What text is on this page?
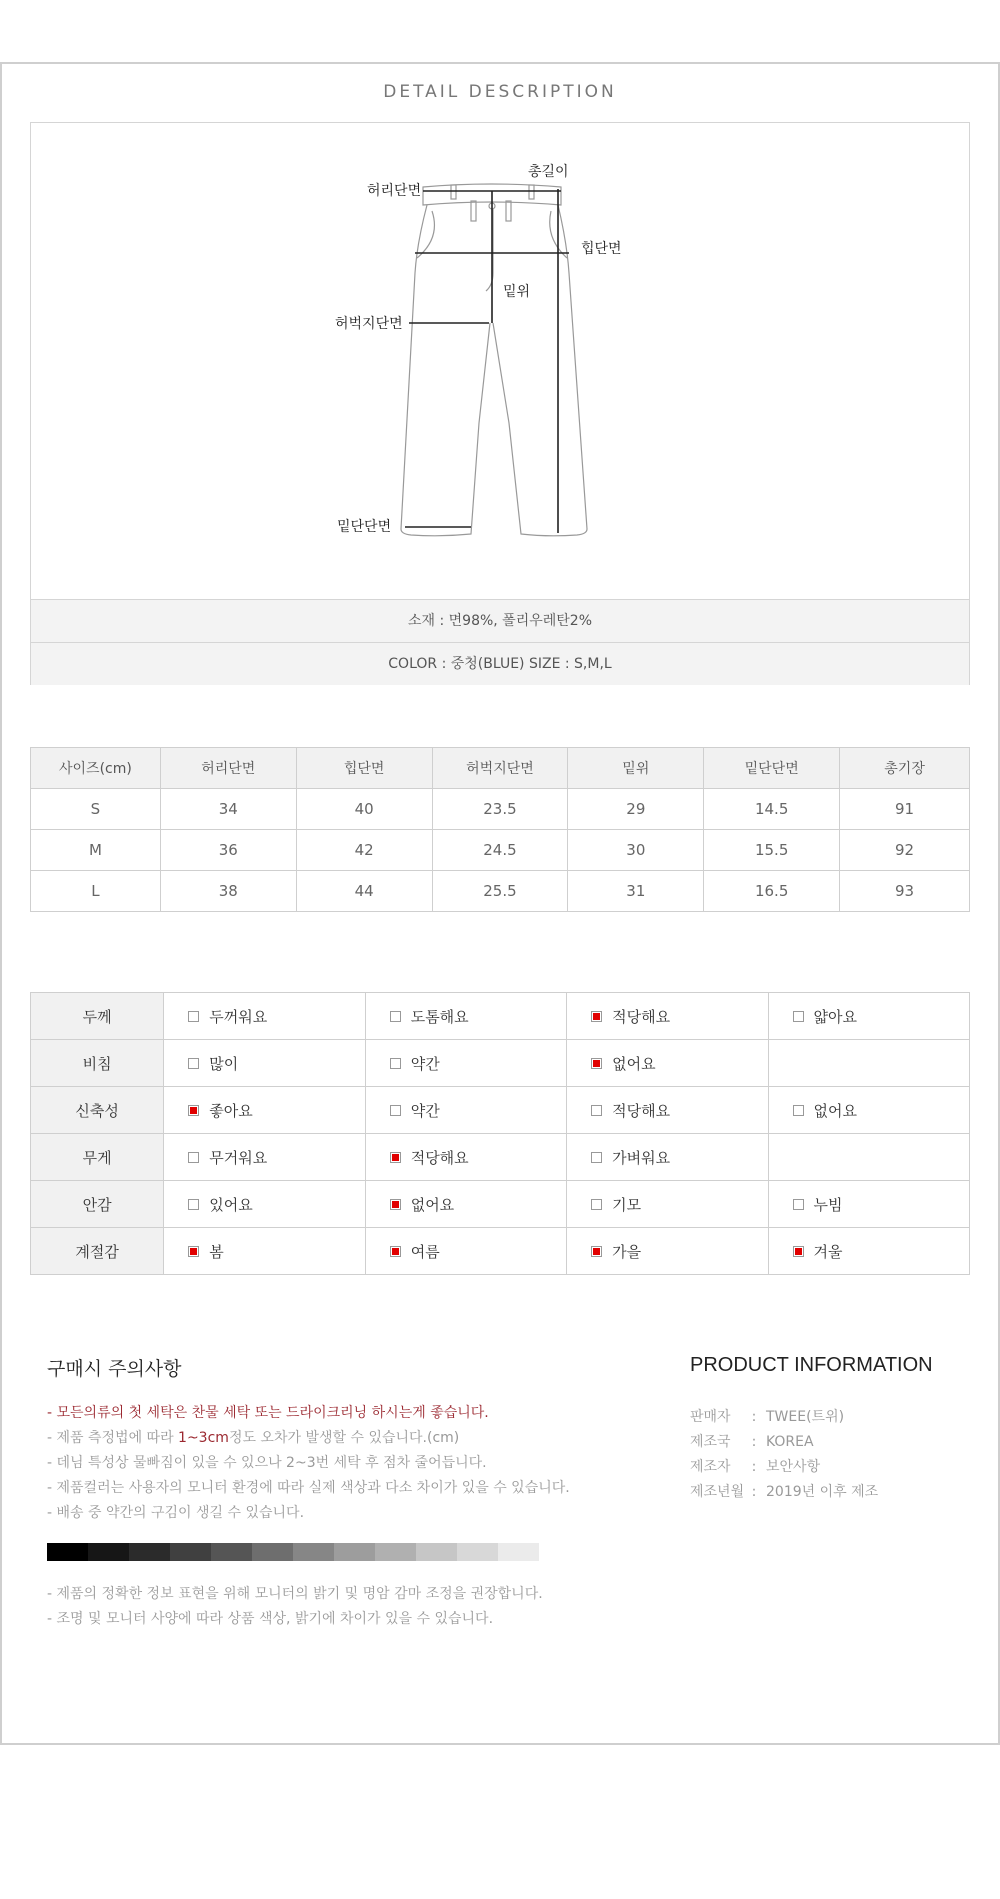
DETAIL DESCRIPTION
총길이
허리단면
힙단면
밑위
허벅지단면
밑단단면
소재 : 면98%, 폴리우레탄2%
COLOR : 중청(BLUE) SIZE : S,M,L
사이즈(cm)	허리단면	힙단면	허벅지단면	밑위	밑단단면	총기장
S	34	40	23.5	29	14.5	91
M	36	42	24.5	30	15.5	92
L	38	44	25.5	31	16.5	93
두께	두꺼워요	도톰해요	적당해요	얇아요
비침	많이	약간	없어요	
신축성	좋아요	약간	적당해요	없어요
무게	무거워요	적당해요	가벼워요	
안감	있어요	없어요	기모	누빔
계절감	봄	여름	가을	겨울
구매시 주의사항

- 모든의류의 첫 세탁은 찬물 세탁 또는 드라이크리닝 하시는게 좋습니다.

- 제품 측정법에 따라 1~3cm정도 오차가 발생할 수 있습니다.(cm)

- 데님 특성상 물빠짐이 있을 수 있으나 2~3번 세탁 후 점차 줄어듭니다.

- 제품컬러는 사용자의 모니터 환경에 따라 실제 색상과 다소 차이가 있을 수 있습니다.

- 배송 중 약간의 구김이 생길 수 있습니다.

- 제품의 정확한 정보 표현을 위해 모니터의 밝기 및 명암 감마 조정을 권장합니다.

- 조명 및 모니터 사양에 따라 상품 색상, 밝기에 차이가 있을 수 있습니다.

PRODUCT INFORMATION
판매자 : TWEE(트위)
제조국 : KOREA
제조자 : 보안사항
제조년월 : 2019년 이후 제조
